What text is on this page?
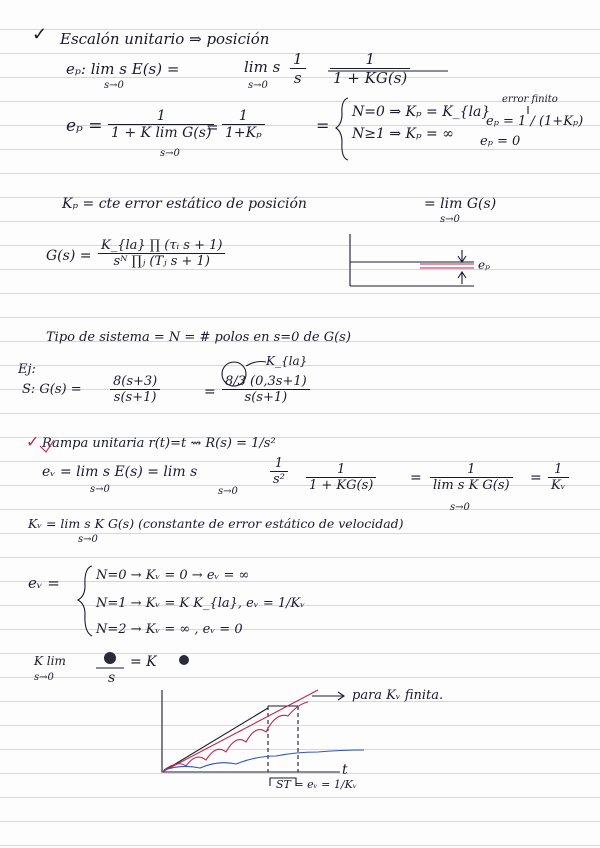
✓ Escalón unitario ⇒ posición
eₚ: lim s E(s) =
s→0
lim s
$s\to 0 \frac{1}{s} \frac{1}{1 + KG(s)}$
$e_p = \frac{1}{\text{1 + K lim G(s)}}$
s→0
= $\frac{1}{\text{1+Kₚ}}$	=
N=0 ⇒ Kₚ = K_{la}
error finito
eₚ = 1 / (1+Kₚ)
N≥1 ⇒ Kₚ = ∞ eₚ = 0
Kₚ = cte error estático de posición	= lim G(s)
s→0
$G(s) = \frac{\text{K\_\{la\} ∏ (τᵢ s + 1)}}{\text{sᴺ ∏ⱼ (Tⱼ s + 1)}}$	eₚ
Tipo de sistema = N = # polos en s=0 de G(s)
Ej:
S: $G(s) = \frac{8(s+3)}{s(s+1)}$	=
K_{la}
$\frac{8/3 (0,3s+1)}{s(s+1)}$
✓ Rampa unitaria r(t)=t ⇝ R(s) = 1/s²
eᵥ = lim s E(s) = lim s
s→0	s→0
$\frac{1}{\text{s²}} \frac{1}{1 + KG(s)} = \frac{1}{\text{lim s K G(s)}}$
s→0
= $\frac{1}{\text{Kᵥ}}$
Kᵥ = lim s K G(s) (constante de error estático de velocidad)
s→0
eᵥ =	N=0 → Kᵥ = 0 → eᵥ = ∞
N=1 → Kᵥ = K K_{la}, eᵥ = 1/Kᵥ
N=2 → Kᵥ = ∞ , eᵥ = 0
K lim
s→0	s
= K
para Kᵥ finita.
ST = eᵥ = 1/Kᵥ
t
